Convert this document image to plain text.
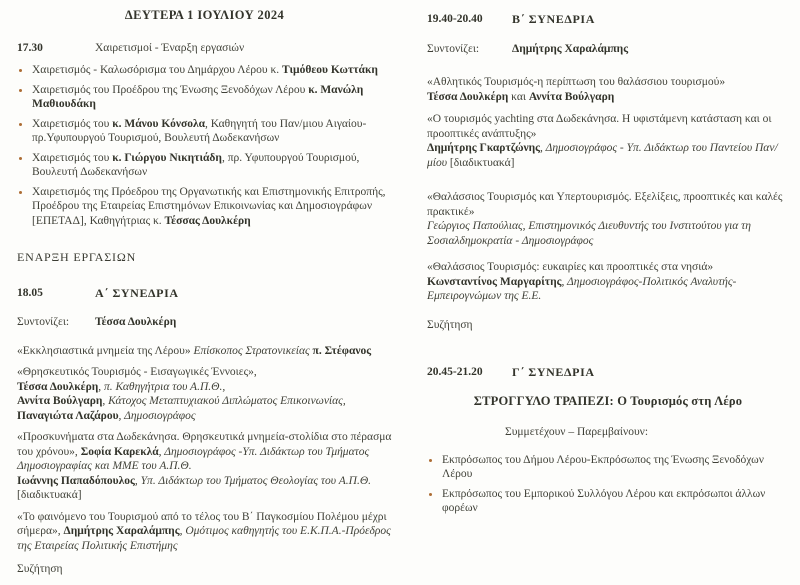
ΔΕΥΤΕΡΑ 1 ΙΟΥΛΙΟΥ 2024
17.30	Χαιρετισμοί - Έναρξη εργασιών
Χαιρετισμός - Καλωσόρισμα του Δημάρχου Λέρου κ. Τιμόθεου Κωττάκη
Χαιρετισμός του Προέδρου της Ένωσης Ξενοδόχων Λέρου κ. Μανώλη Μαθιουδάκη
Χαιρετισμός του κ. Μάνου Κόνσολα, Καθηγητή του Παν/μιου Αιγαίου-πρ.Υφυπουργού Τουρισμού, Βουλευτή Δωδεκανήσων
Χαιρετισμός του κ. Γιώργου Νικητιάδη, πρ. Υφυπουργού Τουρισμού, Βουλευτή Δωδεκανήσων
Χαιρετισμός της Πρόεδρου της Οργανωτικής και Επιστημονικής Επιτροπής, Προέδρου της Εταιρείας Επιστημόνων Επικοινωνίας και Δημοσιογράφων [ΕΠΕΤΑΔ], Καθηγήτριας κ. Τέσσας Δουλκέρη
ΕΝΑΡΞΗ ΕΡΓΑΣΙΩΝ
18.05	Α΄ ΣΥΝΕΔΡΙΑ
Συντονίζει:	Τέσσα Δουλκέρη

«Εκκλησιαστικά μνημεία της Λέρου» Επίσκοπος Στρατονικείας π. Στέφανος

«Θρησκευτικός Τουρισμός - Εισαγωγικές Έννοιες»,
Τέσσα Δουλκέρη, π. Καθηγήτρια του Α.Π.Θ.,
Αννίτα Βούλγαρη, Κάτοχος Μεταπτυχιακού Διπλώματος Επικοινωνίας,
Παναγιώτα Λαζάρου, Δημοσιογράφος

«Προσκυνήματα στα Δωδεκάνησα. Θρησκευτικά μνημεία-στολίδια στο πέρασμα του χρόνου», Σοφία Καρεκλά, Δημοσιογράφος -Υπ. Διδάκτωρ του Τμήματος Δημοσιογραφίας και ΜΜΕ του Α.Π.Θ.
Ιωάννης Παπαδόπουλος, Υπ. Διδάκτωρ του Τμήματος Θεολογίας του Α.Π.Θ.
[διαδικτυακά]

«Το φαινόμενο του Τουρισμού από το τέλος του Β΄ Παγκοσμίου Πολέμου μέχρι σήμερα», Δημήτρης Χαραλάμπης, Ομότιμος καθηγητής του Ε.Κ.Π.Α.-Πρόεδρος της Εταιρείας Πολιτικής Επιστήμης

Συζήτηση
19.40-20.40	Β΄ ΣΥΝΕΔΡΙΑ
Συντονίζει:	Δημήτρης Χαραλάμπης

«Αθλητικός Τουρισμός-η περίπτωση του θαλάσσιου τουρισμού»
Τέσσα Δουλκέρη και Αννίτα Βούλγαρη

«Ο τουρισμός yachting στα Δωδεκάνησα. Η υφιστάμενη κατάσταση και οι προοπτικές ανάπτυξης»
Δημήτρης Γκαρτζώνης, Δημοσιογράφος - Υπ. Διδάκτωρ του Παντείου Παν/μίου [διαδικτυακά]

«Θαλάσσιος Τουρισμός και Υπερτουρισμός. Εξελίξεις, προοπτικές και καλές πρακτικέ»
Γεώργιος Παπούλιας, Επιστημονικός Διευθυντής του Ινστιτούτου για τη Σοσιαλδημοκρατία - Δημοσιογράφος

«Θαλάσσιος Τουρισμός: ευκαιρίες και προοπτικές στα νησιά»
Κωνσταντίνος Μαργαρίτης, Δημοσιογράφος-Πολιτικός Αναλυτής-Εμπειρογνώμων της Ε.Ε.

Συζήτηση
20.45-21.20	Γ΄ ΣΥΝΕΔΡΙΑ
ΣΤΡΟΓΓΥΛΟ ΤΡΑΠΕΖΙ: Ο Τουρισμός στη Λέρο
Συμμετέχουν – Παρεμβαίνουν:
Εκπρόσωπος του Δήμου Λέρου-Εκπρόσωπος της Ένωσης Ξενοδόχων Λέρου
Εκπρόσωπος του Εμπορικού Συλλόγου Λέρου και εκπρόσωποι άλλων φορέων
